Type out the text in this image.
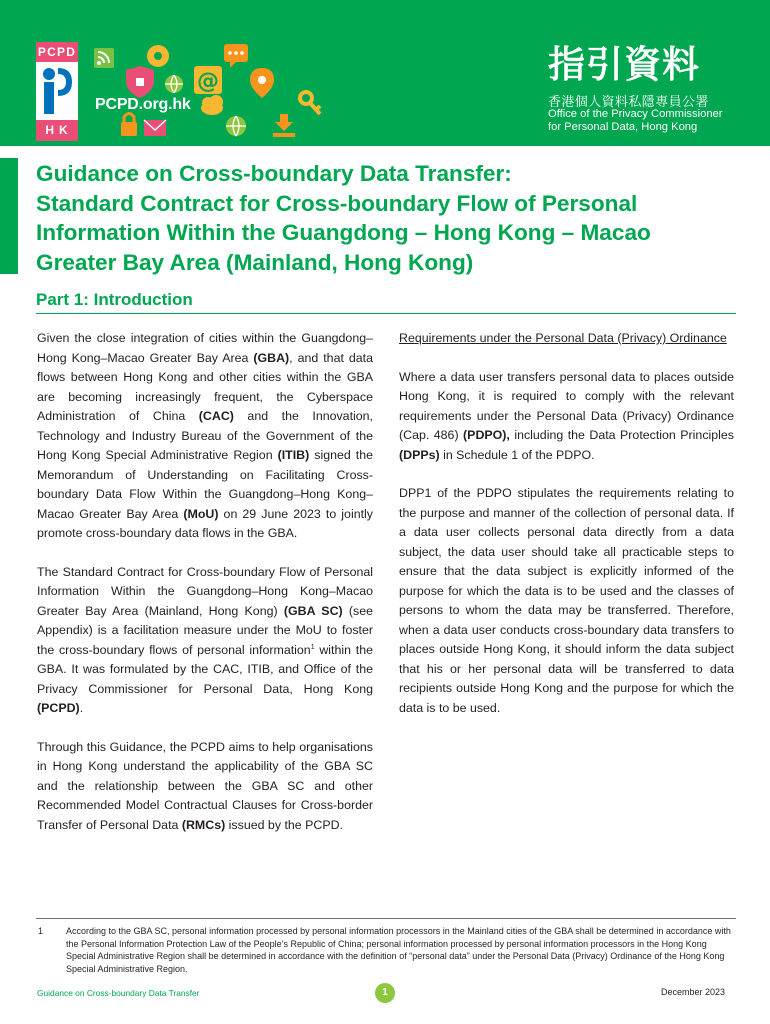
PCPD
HK
@
PCPD.org.hk
指引資料
香港個人資料私隱專員公署
Office of the Privacy Commissioner
for Personal Data, Hong Kong
Guidance on Cross-boundary Data Transfer:
Standard Contract for Cross-boundary Flow of Personal
Information Within the Guangdong – Hong Kong – Macao
Greater Bay Area (Mainland, Hong Kong)
Part 1: Introduction

Given the close integration of cities within the Guangdong–Hong Kong–Macao Greater Bay Area (GBA), and that data flows between Hong Kong and other cities within the GBA are becoming increasingly frequent, the Cyberspace Administration of China (CAC) and the Innovation, Technology and Industry Bureau of the Government of the Hong Kong Special Administrative Region (ITIB) signed the Memorandum of Understanding on Facilitating Cross-boundary Data Flow Within the Guangdong–Hong Kong–Macao Greater Bay Area (MoU) on 29 June 2023 to jointly promote cross-boundary data flows in the GBA.

The Standard Contract for Cross-boundary Flow of Personal Information Within the Guangdong–Hong Kong–Macao Greater Bay Area (Mainland, Hong Kong) (GBA SC) (see Appendix) is a facilitation measure under the MoU to foster the cross-boundary flows of personal information$^1$ within the GBA. It was formulated by the CAC, ITIB, and Office of the Privacy Commissioner for Personal Data, Hong Kong (PCPD).

Through this Guidance, the PCPD aims to help organisations in Hong Kong understand the applicability of the GBA SC and the relationship between the GBA SC and other Recommended Model Contractual Clauses for Cross-border Transfer of Personal Data (RMCs) issued by the PCPD.

Requirements under the Personal Data (Privacy) Ordinance

Where a data user transfers personal data to places outside Hong Kong, it is required to comply with the relevant requirements under the Personal Data (Privacy) Ordinance (Cap. 486) (PDPO), including the Data Protection Principles (DPPs) in Schedule 1 of the PDPO.

DPP1 of the PDPO stipulates the requirements relating to the purpose and manner of the collection of personal data. If a data user collects personal data directly from a data subject, the data user should take all practicable steps to ensure that the data subject is explicitly informed of the purpose for which the data is to be used and the classes of persons to whom the data may be transferred. Therefore, when a data user conducts cross-boundary data transfers to places outside Hong Kong, it should inform the data subject that his or her personal data will be transferred to data recipients outside Hong Kong and the purpose for which the data is to be used.

1	According to the GBA SC, personal information processed by personal information processors in the Mainland cities of the GBA shall be determined in accordance with the Personal Information Protection Law of the People’s Republic of China; personal information processed by personal information processors in the Hong Kong Special Administrative Region shall be determined in accordance with the definition of “personal data” under the Personal Data (Privacy) Ordinance of the Hong Kong Special Administrative Region.
Guidance on Cross-boundary Data Transfer	1	December 2023
